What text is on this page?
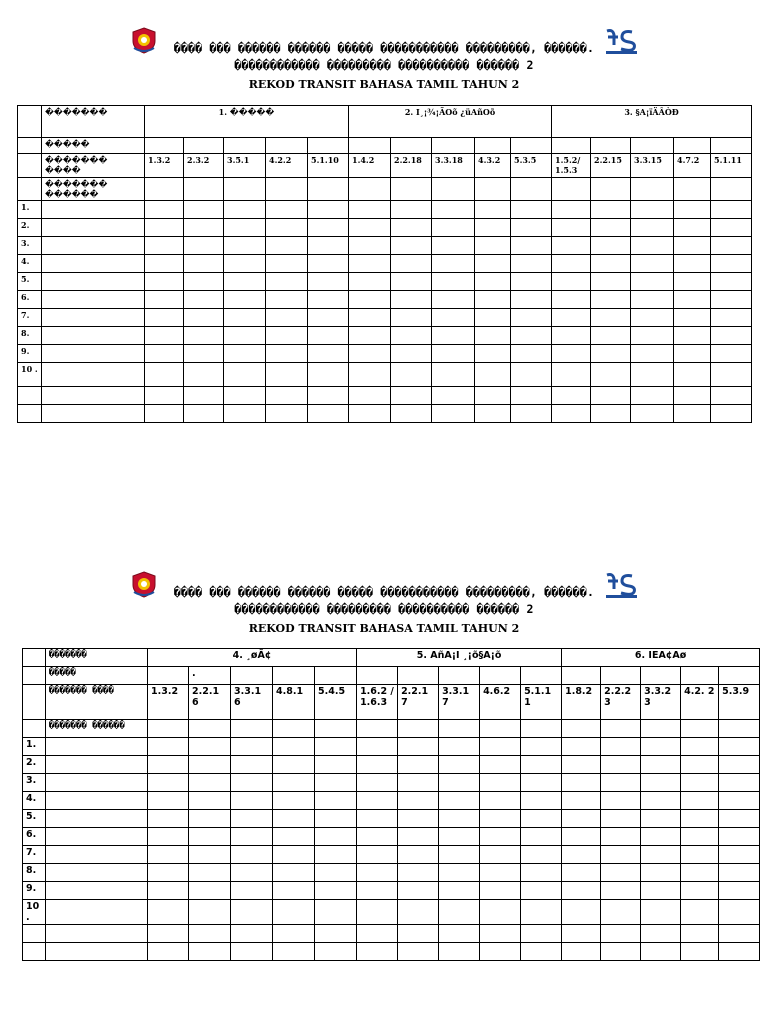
���� ��� ������ ������ ����� ����������� ���������, ������.
������������ ��������� ���������� ������ 2
REKOD TRANSIT BAHASA TAMIL TAHUN 2
	�������	1. �����					2. I¸¡¾¡ÃOõ ¿üAñOõ					3. §A¡ïÄÂÒÐ				
	�����															
	������� ����	1.3.2	2.3.2	3.5.1	4.2.2	5.1.10	1.4.2	2.2.18	3.3.18	4.3.2	5.3.5	1.5.2/ 1.5.3	2.2.15	3.3.15	4.7.2	5.1.11
	������� ������															
1.																
2.																
3.																
4.																
5.																
6.																
7.																
8.																
9.																
10 .																

���� ��� ������ ������ ����� ����������� ���������, ������.
������������ ��������� ���������� ������ 2
REKOD TRANSIT BAHASA TAMIL TAHUN 2
	�������	4. ¸øÃ¢					5. AñA¡I ¸¡õ§A¡õ					6. IEA¢Aø				
	�����		.													
	������� ����	1.3.2	2.2.1 6	3.3.1 6	4.8.1	5.4.5	1.6.2 / 1.6.3	2.2.1 7	3.3.1 7	4.6.2	5.1.1 1	1.8.2	2.2.2 3	3.3.2 3	4.2. 2	5.3.9
	������� ������															
1.																
2.																
3.																
4.																
5.																
6.																
7.																
8.																
9.																
10 .																
